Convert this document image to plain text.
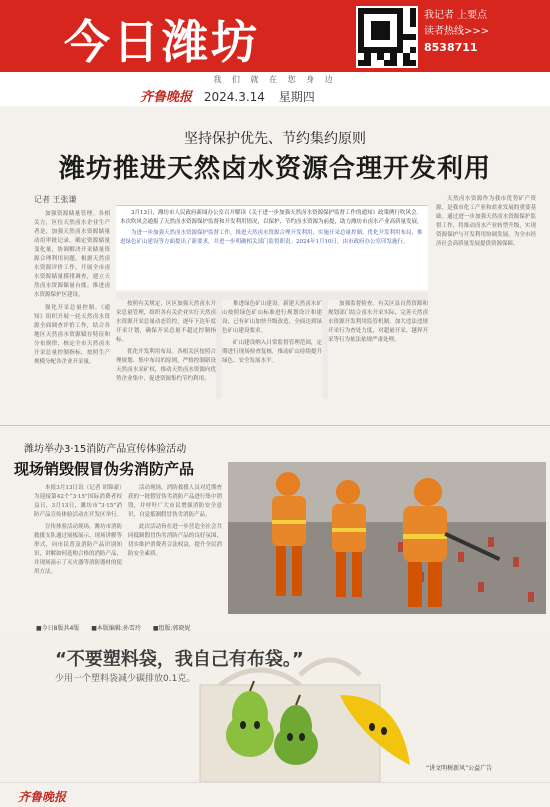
今日潍坊	我记者 上要点
读者热线>>>
8538711
我 们 就 在 您 身 边
齐鲁晚报 2024.3.14 星期四
坚持保护优先、节约集约原则
潍坊推进天然卤水资源合理开发利用
记者 王张谦

加强资源储量管理。各相关方，区位天然卤水企业生产者是，加强天然卤水资源储量动用审批记录。确定资源储量变化量，协调解决开采储量资源合理利用问题。根据天然卤水资源评价工作，开展全市卤水资源储量摸排调查，建立天然卤水资源储量台账。推进卤水资源保护区建设。

强化开采总量控制。《通知》组织开展一轮天然卤水资源全面调查评价工作，结合各地区天然卤水资源赋存特征和分布规律，核定全市天然卤水开采总量控制指标，按照生产规模分配各企业开采量。

3月13日，潍坊市人民政府新闻办公室召开解读《关于进一步加强天然卤水资源保护监督工作的通知》政策例行吹风会。本次吹风会通报了天然卤水资源保护监督和开发利用情况，以保护、节约卤水资源为前提，助力潍坊市卤水产业高质量发展。

为进一步加强天然卤水资源保护监督工作，推进天然卤水资源合理开发利用，实施开采总量控制、优化开发利用布局、推进绿色矿山建设等方面提出了新要求，并进一步明确相关部门监督职责。2024年1月10日，由市政府办公室印发施行。

按照有关规定，区区加强天然卤水开采总量管理，组织各有关企业实行天然卤水资源开采总量动态管控，逐年下达年度开采计划，确保开采总量不超过控制指标。

优化开发利用布局。各相关区按照合理规划、集中布局的原则，严格控制新设天然卤水采矿权，推动天然卤水资源向优势企业集中，促进资源集约节约利用。

推进绿色矿山建设。新建天然卤水矿山按照绿色矿山标准进行规划设计和建设，已有矿山加快升级改造，全面达到绿色矿山建设要求。

矿山建设纳入日常监督管理范围，定期进行现场检查复核，推动矿山持续提升绿色、安全发展水平。

加强监督检查。有关区县自然资源和规划部门结合卤水开采实际，完善天然卤水资源开发利用监管机制，加大违法违规开采行为查处力度，对超量开采、越界开采等行为依法依规严肃处理。

天然卤水资源作为我市优势矿产资源，是我市化工产业和盐业发展的重要基础。通过进一步加强天然卤水资源保护监督工作，将推动卤水产业转型升级，实现资源保护与开发利用协调发展，为全市经济社会高质量发展提供资源保障。

潍坊举办3·15消防产品宣传体验活动
现场销毁假冒伪劣消防产品

本报3月13日讯（记者 胡锦豪）为迎接第42个“3·15”国际消费者权益日，3月13日，潍坊市“3·15”消防产品宣传体验活动在开发区举行。

宣传体验活动现场，潍坊市消防救援支队通过展板展示、现场讲解等形式，向市民普及消防产品识别知识，讲解如何选购合格的消防产品，并现场演示了灭火器等消防器材的使用方法。

活动现场，消防救援人员对近期查获的一批假冒伪劣消防产品进行集中销毁，并呼吁广大市民增强消防安全意识，自觉抵制假冒伪劣消防产品。

此次活动旨在进一步营造全社会共同抵制假冒伪劣消防产品的良好氛围，切实维护消费者合法权益，提升全民消防安全素质。

■今日8版共4版 ■本版编辑:孙雪玲 ■组版:郭晓妮
“不要塑料袋，我自己有布袋。”
少用一个塑料袋减少碳排放0.1克。
“讲文明树新风”公益广告
齐鲁晚报
